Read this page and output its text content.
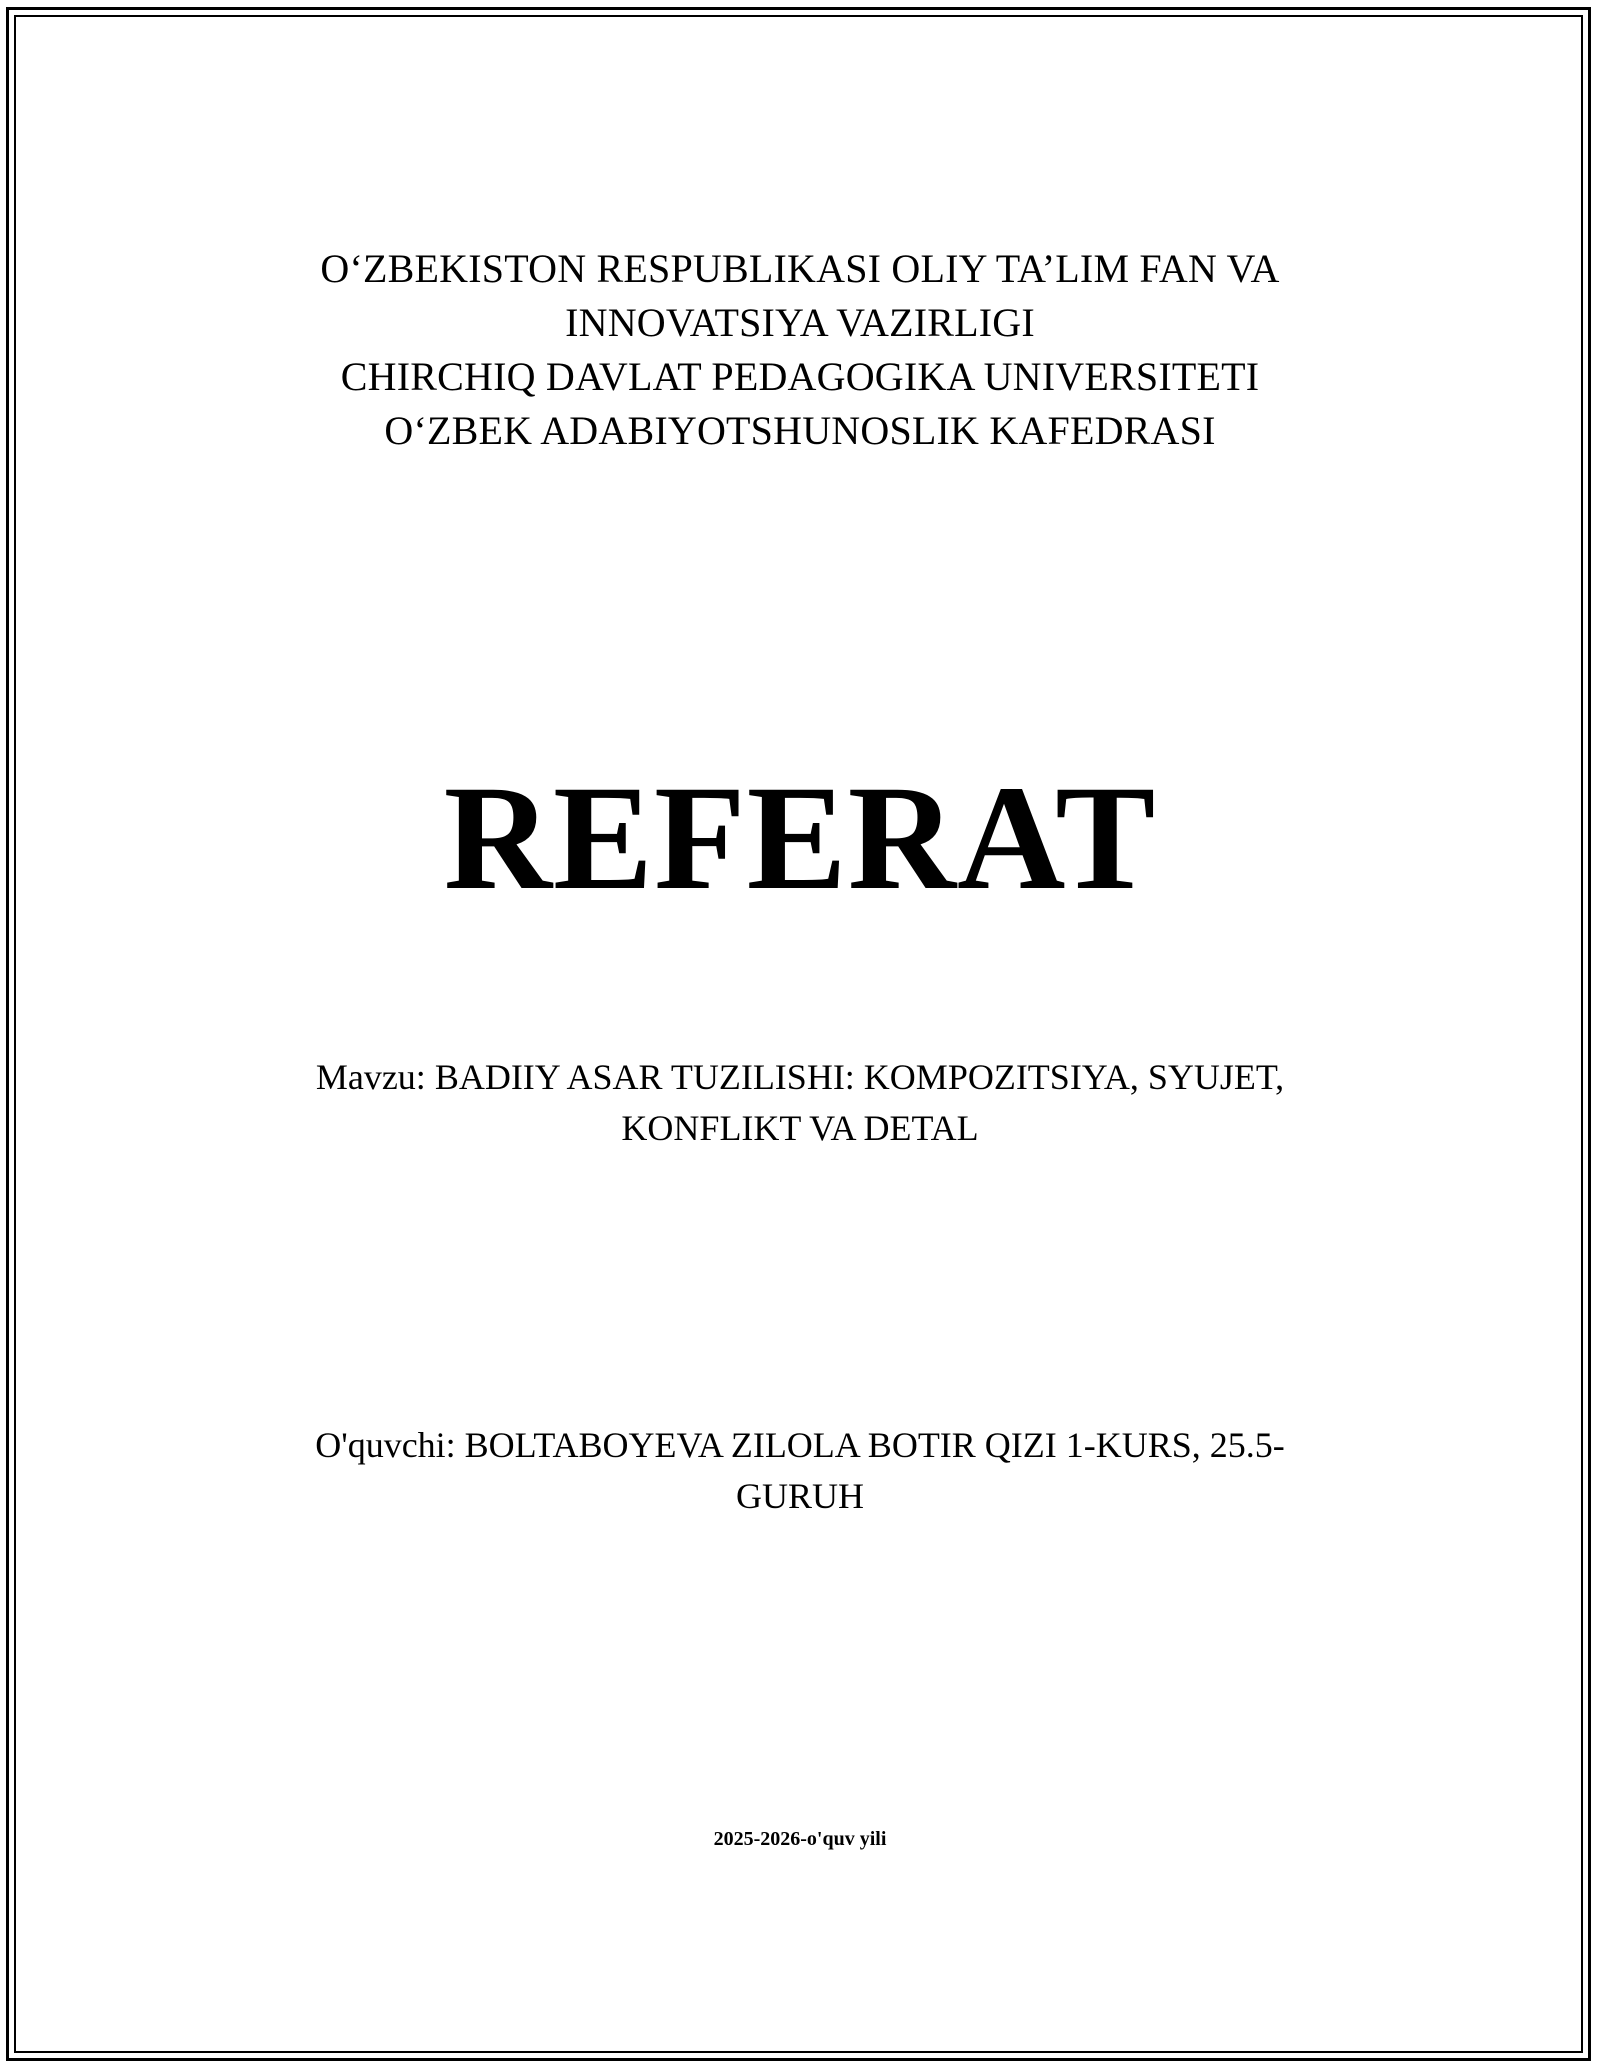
O‘ZBEKISTON RESPUBLIKASI OLIY TA’LIM FAN VA
INNOVATSIYA VAZIRLIGI
CHIRCHIQ DAVLAT PEDAGOGIKA UNIVERSITETI
O‘ZBEK ADABIYOTSHUNOSLIK KAFEDRASI
REFERAT
Mavzu: BADIIY ASAR TUZILISHI: KOMPOZITSIYA, SYUJET, KONFLIKT VA DETAL
O'quvchi: BOLTABOYEVA ZILOLA BOTIR QIZI 1-KURS, 25.5-GURUH
2025-2026-o'quv yili
